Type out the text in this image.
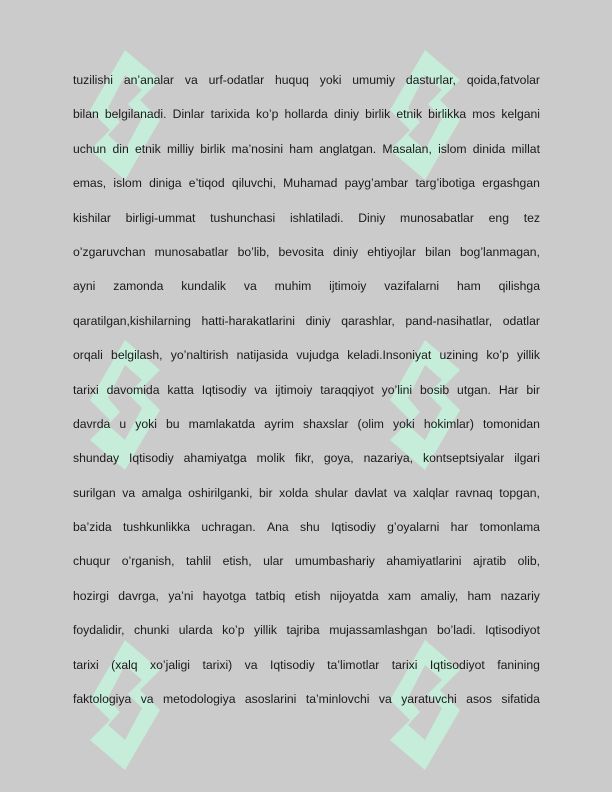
tuzilishi an’analar va urf-odatlar huquq yoki umumiy dasturlar, qoida,fatvolar
bilan belgilanadi. Dinlar tarixida ko’p hollarda diniy birlik etnik birlikka mos kelgani
uchun din etnik milliy birlik ma’nosini ham anglatgan. Masalan, islom dinida millat
emas, islom diniga e’tiqod qiluvchi, Muhamad payg’ambar targ’ibotiga ergashgan
kishilar birligi-ummat tushunchasi ishlatiladi. Diniy munosabatlar eng tez
o’zgaruvchan munosabatlar bo’lib, bevosita diniy ehtiyojlar bilan bog’lanmagan,
ayni zamonda kundalik va muhim ijtimoiy vazifalarni ham qilishga
qaratilgan,kishilarning hatti-harakatlarini diniy qarashlar, pand-nasihatlar, odatlar
orqali belgilash, yo’naltirish natijasida vujudga keladi.Insoniyat uzining ko’p yillik
tarixi davomida katta Iqtisodiy va ijtimoiy taraqqiyot yo’lini bosib utgan. Har bir
davrda u yoki bu mamlakatda ayrim shaxslar (olim yoki hokimlar) tomonidan
shunday Iqtisodiy ahamiyatga molik fikr, goya, nazariya, kontseptsiyalar ilgari
surilgan va amalga oshirilganki, bir xolda shular davlat va xalqlar ravnaq topgan,
ba’zida tushkunlikka uchragan. Ana shu Iqtisodiy g’oyalarni har tomonlama
chuqur o’rganish, tahlil etish, ular umumbashariy ahamiyatlarini ajratib olib,
hozirgi davrga, ya’ni hayotga tatbiq etish nijoyatda xam amaliy, ham nazariy
foydalidir, chunki ularda ko’p yillik tajriba mujassamlashgan bo’ladi. Iqtisodiyot
tarixi (xalq xo’jaligi tarixi) va Iqtisodiy ta’limotlar tarixi Iqtisodiyot fanining
faktologiya va metodologiya asoslarini ta’minlovchi va yaratuvchi asos sifatida
